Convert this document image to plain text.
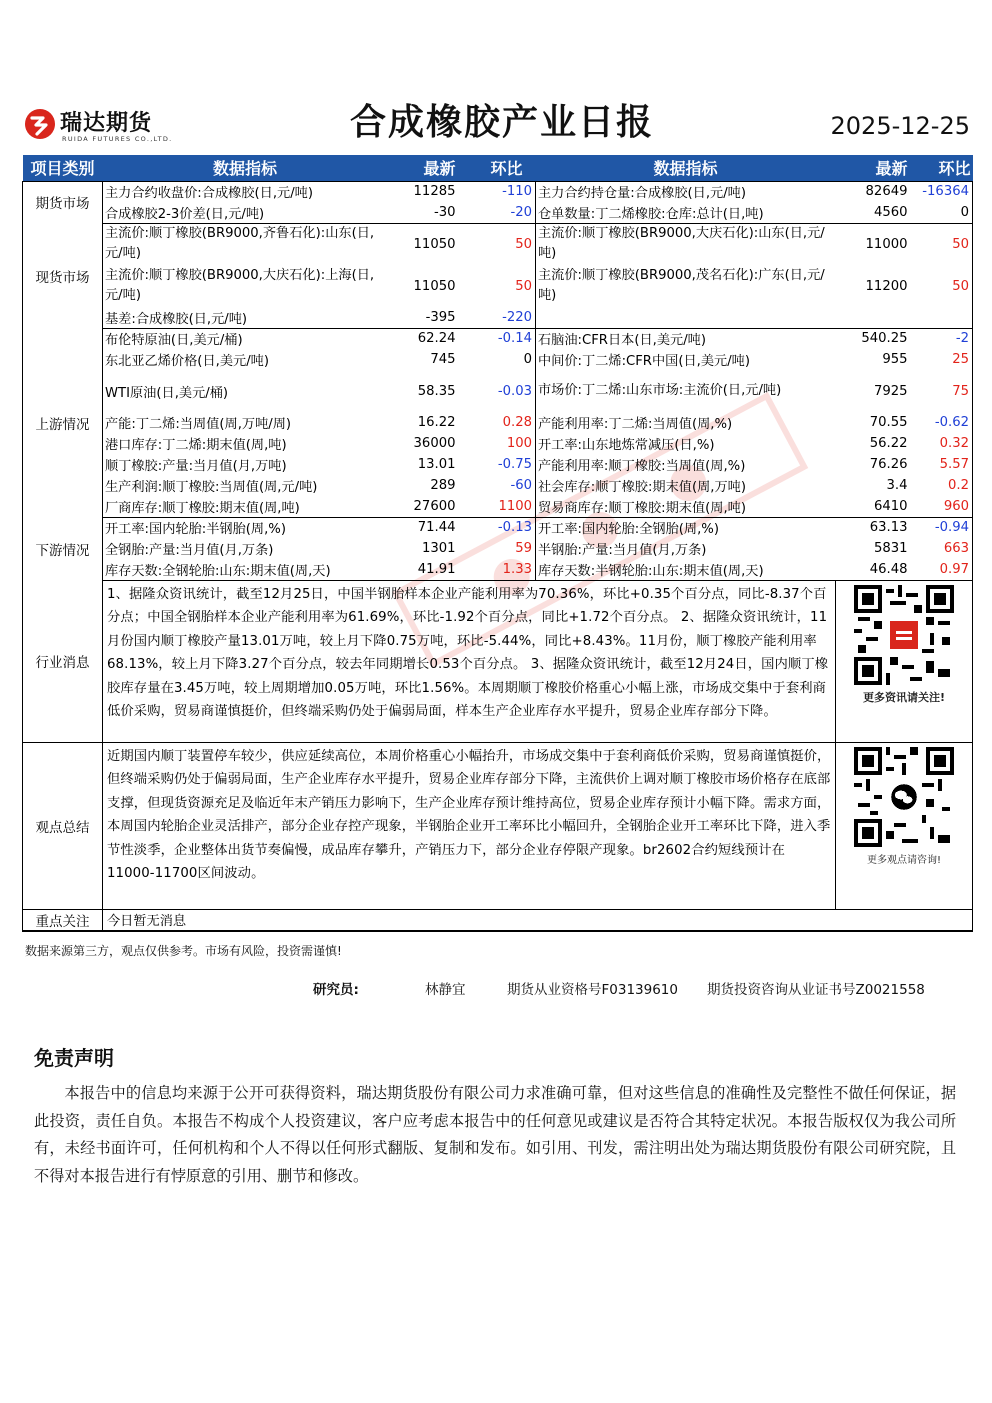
瑞达期货
RUIDA FUTURES CO.,LTD.	合成橡胶产业日报	2025-12-25
项目类别	数据指标	最新	环比	数据指标	最新	环比
期货市场	主力合约收盘价:合成橡胶(日,元/吨)	11285	-110	主力合约持仓量:合成橡胶(日,元/吨)	82649	-16364
	合成橡胶2-3价差(日,元/吨)	-30	-20	仓单数量:丁二烯橡胶:仓库:总计(日,吨)	4560	0
现货市场	主流价:顺丁橡胶(BR9000,齐鲁石化):山东(日,元/吨)	11050	50	主流价:顺丁橡胶(BR9000,大庆石化):山东(日,元/吨)	11000	50
	主流价:顺丁橡胶(BR9000,大庆石化):上海(日,元/吨)	11050	50	主流价:顺丁橡胶(BR9000,茂名石化):广东(日,元/吨)	11200	50
	基差:合成橡胶(日,元/吨)	-395	-220			
上游情况	布伦特原油(日,美元/桶)	62.24	-0.14	石脑油:CFR日本(日,美元/吨)	540.25	-2
	东北亚乙烯价格(日,美元/吨)	745	0	中间价:丁二烯:CFR中国(日,美元/吨)	955	25
	WTI原油(日,美元/桶)	58.35	-0.03	市场价:丁二烯:山东市场:主流价(日,元/吨)	7925	75
	产能:丁二烯:当周值(周,万吨/周)	16.22	0.28	产能利用率:丁二烯:当周值(周,%)	70.55	-0.62
	港口库存:丁二烯:期末值(周,吨)	36000	100	开工率:山东地炼常减压(日,%)	56.22	0.32
	顺丁橡胶:产量:当月值(月,万吨)	13.01	-0.75	产能利用率:顺丁橡胶:当周值(周,%)	76.26	5.57
	生产利润:顺丁橡胶:当周值(周,元/吨)	289	-60	社会库存:顺丁橡胶:期末值(周,万吨)	3.4	0.2
	厂商库存:顺丁橡胶:期末值(周,吨)	27600	1100	贸易商库存:顺丁橡胶:期末值(周,吨)	6410	960
下游情况	开工率:国内轮胎:半钢胎(周,%)	71.44	-0.13	开工率:国内轮胎:全钢胎(周,%)	63.13	-0.94
	全钢胎:产量:当月值(月,万条)	1301	59	半钢胎:产量:当月值(月,万条)	5831	663
	库存天数:全钢轮胎:山东:期末值(周,天)	41.91	1.33	库存天数:半钢轮胎:山东:期末值(周,天)	46.48	0.97
行业消息	1、据隆众资讯统计，截至12月25日，中国半钢胎样本企业产能利用率为70.36%，环比+0.35个百分点，同比-8.37个百分点；中国全钢胎样本企业产能利用率为61.69%，环比-1.92个百分点，同比+1.72个百分点。 2、据隆众资讯统计，11月份国内顺丁橡胶产量13.01万吨，较上月下降0.75万吨，环比-5.44%，同比+8.43%。11月份，顺丁橡胶产能利用率68.13%，较上月下降3.27个百分点，较去年同期增长0.53个百分点。 3、据隆众资讯统计，截至12月24日，国内顺丁橡胶库存量在3.45万吨，较上周期增加0.05万吨，环比1.56%。本周期顺丁橡胶价格重心小幅上涨，市场成交集中于套利商低价采购，贸易商谨慎挺价，但终端采购仍处于偏弱局面，样本生产企业库存水平提升，贸易企业库存部分下降。				更多资讯请关注!	

观点总结	近期国内顺丁装置停车较少，供应延续高位，本周价格重心小幅抬升，市场成交集中于套利商低价采购，贸易商谨慎挺价，但终端采购仍处于偏弱局面，生产企业库存水平提升，贸易企业库存部分下降，主流供价上调对顺丁橡胶市场价格存在底部支撑，但现货资源充足及临近年末产销压力影响下，生产企业库存预计维持高位，贸易企业库存预计小幅下降。需求方面，本周国内轮胎企业灵活排产，部分企业存控产现象，半钢胎企业开工率环比小幅回升，全钢胎企业开工率环比下降，进入季节性淡季，企业整体出货节奏偏慢，成品库存攀升，产销压力下，部分企业存停限产现象。br2602合约短线预计在11000-11700区间波动。				更多观点请咨询!	

重点关注	今日暂无消息					
数据来源第三方，观点仅供参考。市场有风险，投资需谨慎!
研究员:	林静宜	期货从业资格号F03139610 期货投资咨询从业证书号Z0021558
免责声明
本报告中的信息均来源于公开可获得资料，瑞达期货股份有限公司力求准确可靠，但对这些信息的准确性及完整性不做任何保证，据此投资，责任自负。本报告不构成个人投资建议，客户应考虑本报告中的任何意见或建议是否符合其特定状况。本报告版权仅为我公司所有，未经书面许可，任何机构和个人不得以任何形式翻版、复制和发布。如引用、刊发，需注明出处为瑞达期货股份有限公司研究院，且不得对本报告进行有悖原意的引用、删节和修改。
